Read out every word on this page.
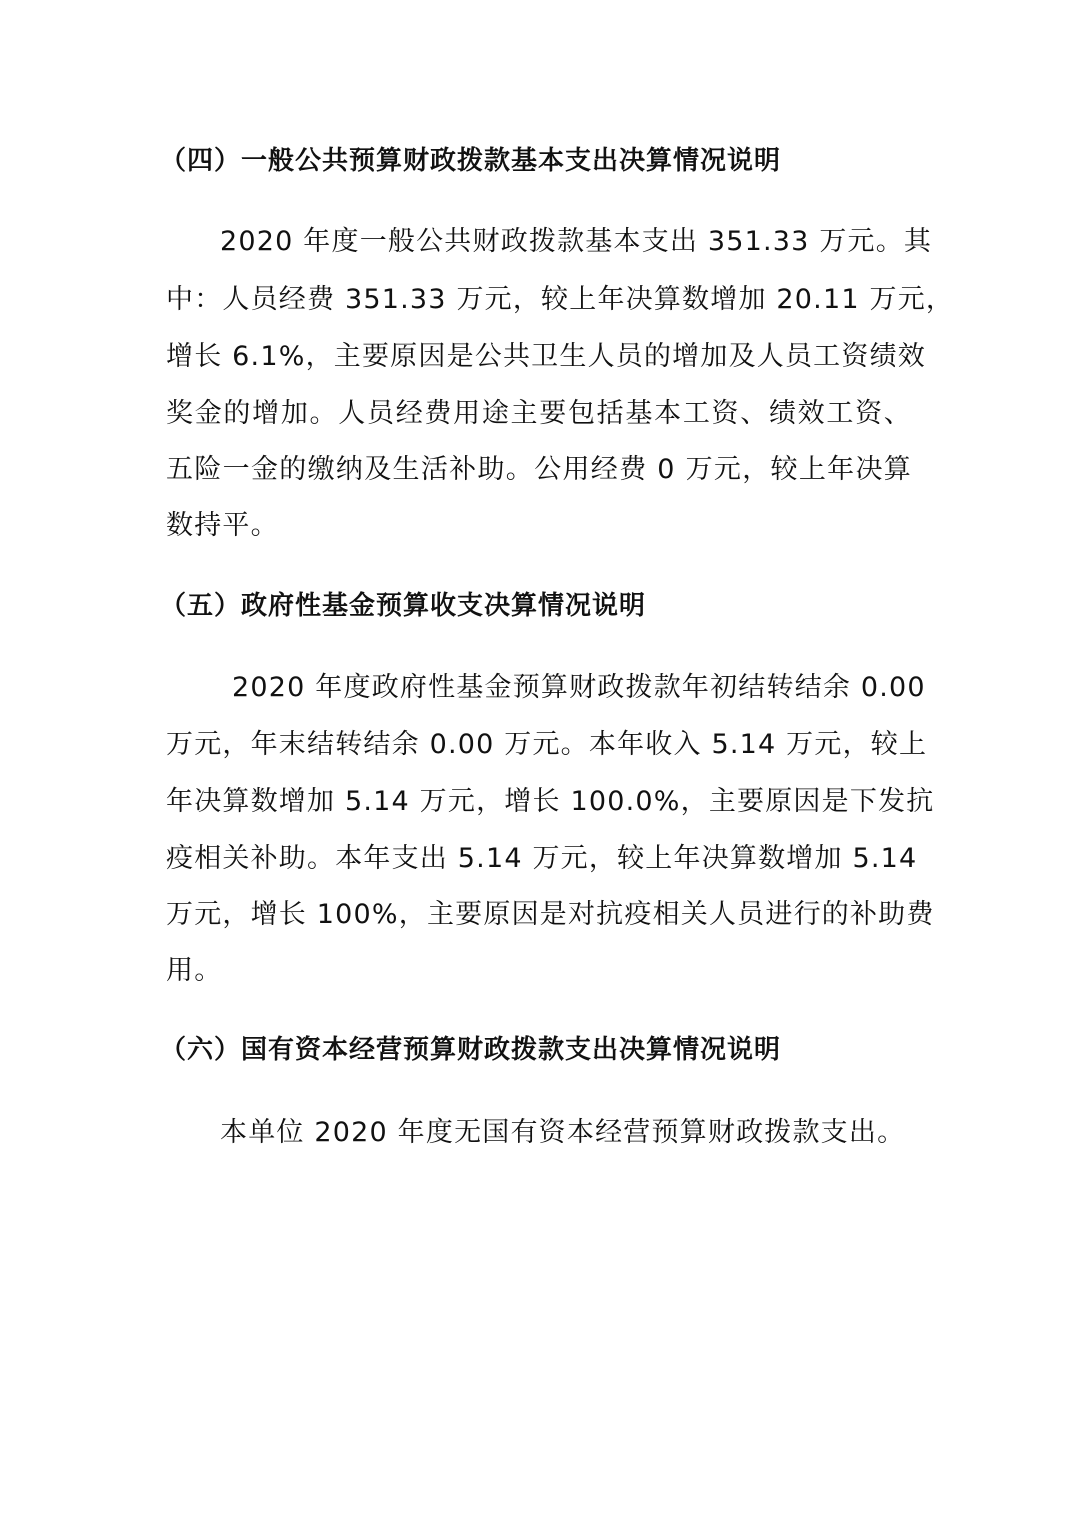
（四）一般公共预算财政拨款基本支出决算情况说明
2020 年度一般公共财政拨款基本支出 351.33 万元。其
中：人员经费 351.33 万元，较上年决算数增加 20.11 万元，
增长 6.1%，主要原因是公共卫生人员的增加及人员工资绩效
奖金的增加。人员经费用途主要包括基本工资、绩效工资、
五险一金的缴纳及生活补助。公用经费 0 万元，较上年决算
数持平。
（五）政府性基金预算收支决算情况说明
2020 年度政府性基金预算财政拨款年初结转结余 0.00
万元，年末结转结余 0.00 万元。本年收入 5.14 万元，较上
年决算数增加 5.14 万元，增长 100.0%，主要原因是下发抗
疫相关补助。本年支出 5.14 万元，较上年决算数增加 5.14
万元，增长 100%，主要原因是对抗疫相关人员进行的补助费
用。
（六）国有资本经营预算财政拨款支出决算情况说明
本单位 2020 年度无国有资本经营预算财政拨款支出。
